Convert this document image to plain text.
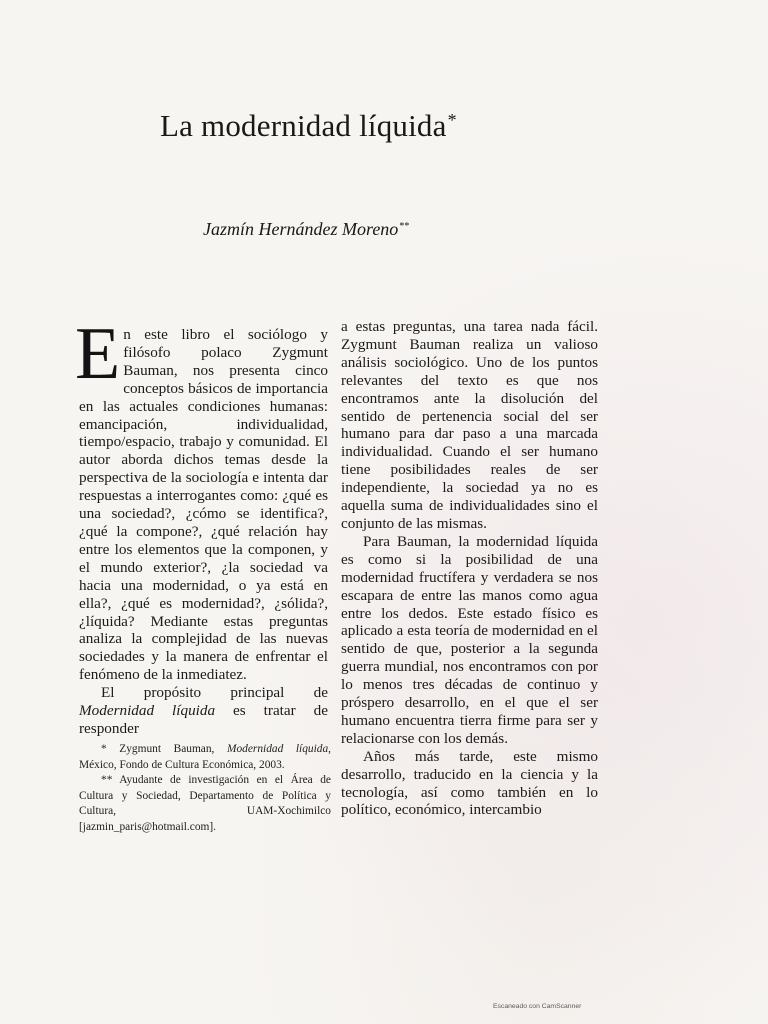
La modernidad líquida*
Jazmín Hernández Moreno**

En este libro el sociólogo y filósofo polaco Zygmunt Bauman, nos presenta cinco conceptos básicos de importancia en las actuales condiciones humanas: emancipación, individualidad, tiempo/espacio, trabajo y comunidad. El autor aborda dichos temas desde la perspectiva de la sociología e intenta dar respuestas a interrogantes como: ¿qué es una sociedad?, ¿cómo se identifica?, ¿qué la compone?, ¿qué relación hay entre los elementos que la componen, y el mundo exterior?, ¿la sociedad va hacia una modernidad, o ya está en ella?, ¿qué es modernidad?, ¿sólida?, ¿líquida? Mediante estas preguntas analiza la complejidad de las nuevas sociedades y la manera de enfrentar el fenómeno de la inmediatez.

El propósito principal de Modernidad líquida es tratar de responder

* Zygmunt Bauman, Modernidad líquida, México, Fondo de Cultura Económica, 2003.

** Ayudante de investigación en el Área de Cultura y Sociedad, Departamento de Política y Cultura, UAM-Xochimilco [jazmin_paris@hotmail.com].

a estas preguntas, una tarea nada fácil. Zygmunt Bauman realiza un valioso análisis sociológico. Uno de los puntos relevantes del texto es que nos encontramos ante la disolución del sentido de pertenencia social del ser humano para dar paso a una marcada individualidad. Cuando el ser humano tiene posibilidades reales de ser independiente, la sociedad ya no es aquella suma de individualidades sino el conjunto de las mismas.

Para Bauman, la modernidad líquida es como si la posibilidad de una modernidad fructífera y verdadera se nos escapara de entre las manos como agua entre los dedos. Este estado físico es aplicado a esta teoría de modernidad en el sentido de que, posterior a la segunda guerra mundial, nos encontramos con por lo menos tres décadas de continuo y próspero desarrollo, en el que el ser humano encuentra tierra firme para ser y relacionarse con los demás.

Años más tarde, este mismo desarrollo, traducido en la ciencia y la tecnología, así como también en lo político, económico, intercambio

Escaneado con CamScanner
